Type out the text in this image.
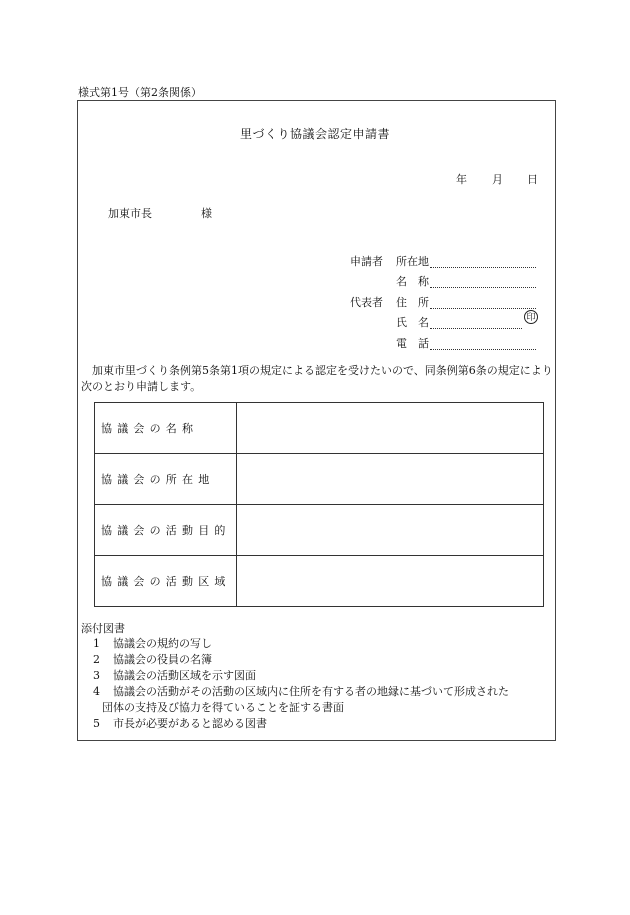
様式第1号（第2条関係）
里づくり協議会認定申請書
年 月 日
加東市長	様
申請者 所在地
名　称
代表者 住　所
氏　名	印
電　話
加東市里づくり条例第5条第1項の規定による認定を受けたいので、同条例第6条の規定により次のとおり申請します。
協議会の名称	
協議会の所在地	
協議会の活動目的	
協議会の活動区域	
添付図書
1	協議会の規約の写し
2	協議会の役員の名簿
3	協議会の活動区域を示す図面
4	協議会の活動がその活動の区域内に住所を有する者の地縁に基づいて形成された
団体の支持及び協力を得ていることを証する書面
5	市長が必要があると認める図書
